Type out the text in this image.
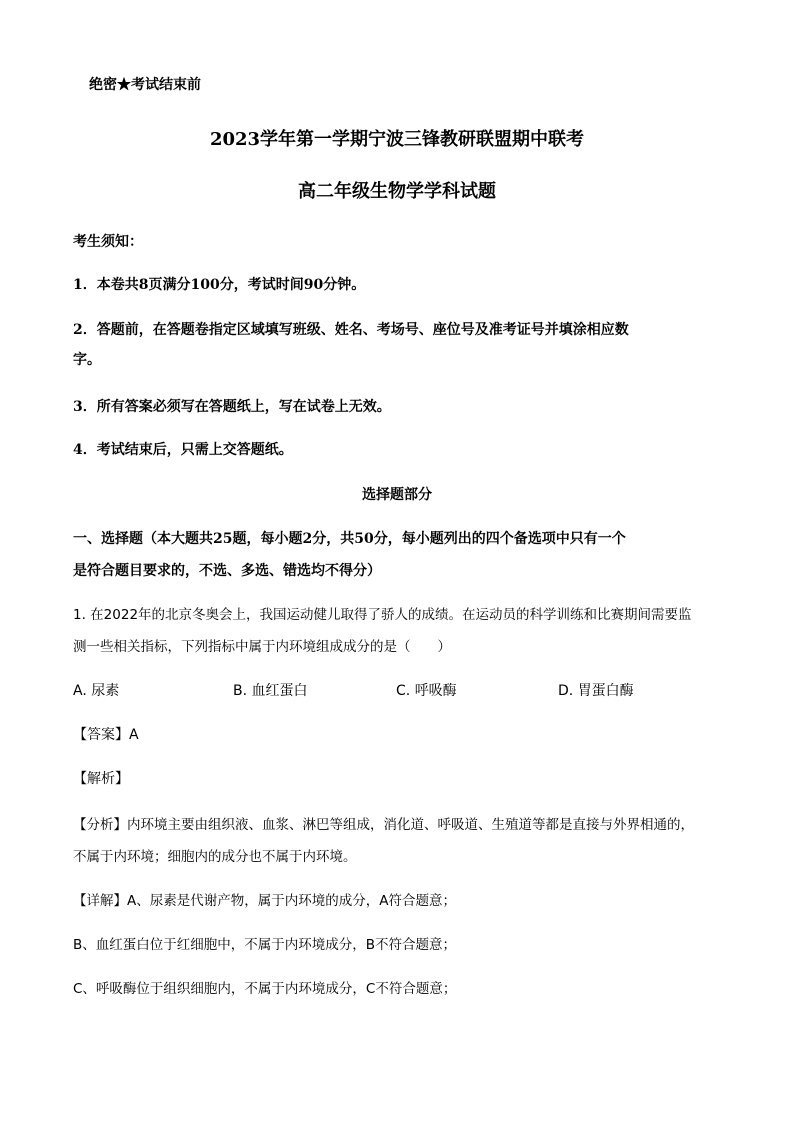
绝密★考试结束前
2023学年第一学期宁波三锋教研联盟期中联考
高二年级生物学学科试题
考生须知：
1．本卷共8页满分100分，考试时间90分钟。
2．答题前，在答题卷指定区域填写班级、姓名、考场号、座位号及准考证号并填涂相应数
字。
3．所有答案必须写在答题纸上，写在试卷上无效。
4．考试结束后，只需上交答题纸。
选择题部分
一、选择题（本大题共25题，每小题2分，共50分，每小题列出的四个备选项中只有一个
是符合题目要求的，不选、多选、错选均不得分）
1. 在2022年的北京冬奥会上，我国运动健儿取得了骄人的成绩。在运动员的科学训练和比赛期间需要监
测一些相关指标，下列指标中属于内环境组成成分的是（　　）
A. 尿素	B. 血红蛋白	C. 呼吸酶	D. 胃蛋白酶
【答案】A
【解析】
【分析】内环境主要由组织液、血浆、淋巴等组成，消化道、呼吸道、生殖道等都是直接与外界相通的，
不属于内环境；细胞内的成分也不属于内环境。
【详解】A、尿素是代谢产物，属于内环境的成分，A符合题意；
B、血红蛋白位于红细胞中，不属于内环境成分，B不符合题意；
C、呼吸酶位于组织细胞内，不属于内环境成分，C不符合题意；
